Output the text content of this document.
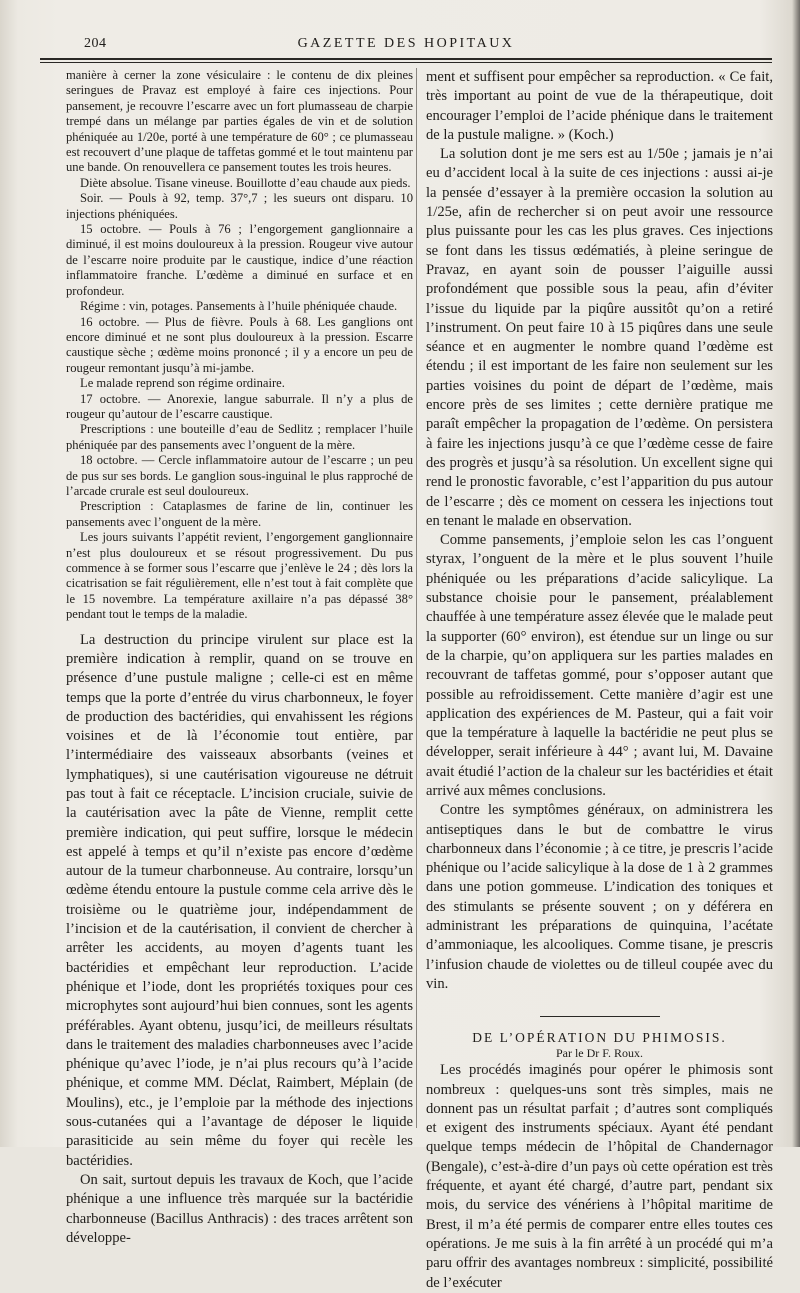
204	GAZETTE DES HOPITAUX

manière à cerner la zone vésiculaire : le contenu de dix pleines seringues de Pravaz est employé à faire ces injections. Pour pansement, je recouvre l’escarre avec un fort plumasseau de charpie trempé dans un mélange par parties égales de vin et de solution phéniquée au 1/20e, porté à une température de 60° ; ce plumasseau est recouvert d’une plaque de taffetas gommé et le tout maintenu par une bande. On renouvellera ce pansement toutes les trois heures.

Diète absolue. Tisane vineuse. Bouillotte d’eau chaude aux pieds.

Soir. — Pouls à 92, temp. 37°,7 ; les sueurs ont disparu. 10 injections phéniquées.

15 octobre. — Pouls à 76 ; l’engorgement ganglionnaire a diminué, il est moins douloureux à la pression. Rougeur vive autour de l’escarre noire produite par le caustique, indice d’une réaction inflammatoire franche. L’œdème a diminué en surface et en profondeur.

Régime : vin, potages. Pansements à l’huile phéniquée chaude.

16 octobre. — Plus de fièvre. Pouls à 68. Les ganglions ont encore diminué et ne sont plus douloureux à la pression. Escarre caustique sèche ; œdème moins prononcé ; il y a encore un peu de rougeur remontant jusqu’à mi-jambe.

Le malade reprend son régime ordinaire.

17 octobre. — Anorexie, langue saburrale. Il n’y a plus de rougeur qu’autour de l’escarre caustique.

Prescriptions : une bouteille d’eau de Sedlitz ; remplacer l’huile phéniquée par des pansements avec l’onguent de la mère.

18 octobre. — Cercle inflammatoire autour de l’escarre ; un peu de pus sur ses bords. Le ganglion sous-inguinal le plus rapproché de l’arcade crurale est seul douloureux.

Prescription : Cataplasmes de farine de lin, continuer les pansements avec l’onguent de la mère.

Les jours suivants l’appétit revient, l’engorgement ganglionnaire n’est plus douloureux et se résout progressivement. Du pus commence à se former sous l’escarre que j’enlève le 24 ; dès lors la cicatrisation se fait régulièrement, elle n’est tout à fait complète que le 15 novembre. La température axillaire n’a pas dépassé 38° pendant tout le temps de la maladie.

La destruction du principe virulent sur place est la première indication à remplir, quand on se trouve en présence d’une pustule maligne ; celle-ci est en même temps que la porte d’entrée du virus charbonneux, le foyer de production des bactéridies, qui envahissent les régions voisines et de là l’économie tout entière, par l’intermédiaire des vaisseaux absorbants (veines et lymphatiques), si une cautérisation vigoureuse ne détruit pas tout à fait ce réceptacle. L’incision cruciale, suivie de la cautérisation avec la pâte de Vienne, remplit cette première indication, qui peut suffire, lorsque le médecin est appelé à temps et qu’il n’existe pas encore d’œdème autour de la tumeur charbonneuse. Au contraire, lorsqu’un œdème étendu entoure la pustule comme cela arrive dès le troisième ou le quatrième jour, indépendamment de l’incision et de la cautérisation, il convient de chercher à arrêter les accidents, au moyen d’agents tuant les bactéridies et empêchant leur reproduction. L’acide phénique et l’iode, dont les propriétés toxiques pour ces microphytes sont aujourd’hui bien connues, sont les agents préférables. Ayant obtenu, jusqu’ici, de meilleurs résultats dans le traitement des maladies charbonneuses avec l’acide phénique qu’avec l’iode, je n’ai plus recours qu’à l’acide phénique, et comme MM. Déclat, Raimbert, Méplain (de Moulins), etc., je l’emploie par la méthode des injections sous-cutanées qui a l’avantage de déposer le liquide parasiticide au sein même du foyer qui recèle les bactéridies.

On sait, surtout depuis les travaux de Koch, que l’acide phénique a une influence très marquée sur la bactéridie charbonneuse (Bacillus Anthracis) : des traces arrêtent son développe-

ment et suffisent pour empêcher sa reproduction. « Ce fait, très important au point de vue de la thérapeutique, doit encourager l’emploi de l’acide phénique dans le traitement de la pustule maligne. » (Koch.)

La solution dont je me sers est au 1/50e ; jamais je n’ai eu d’accident local à la suite de ces injections : aussi ai-je la pensée d’essayer à la première occasion la solution au 1/25e, afin de rechercher si on peut avoir une ressource plus puissante pour les cas les plus graves. Ces injections se font dans les tissus œdématiés, à pleine seringue de Pravaz, en ayant soin de pousser l’aiguille aussi profondément que possible sous la peau, afin d’éviter l’issue du liquide par la piqûre aussitôt qu’on a retiré l’instrument. On peut faire 10 à 15 piqûres dans une seule séance et en augmenter le nombre quand l’œdème est étendu ; il est important de les faire non seulement sur les parties voisines du point de départ de l’œdème, mais encore près de ses limites ; cette dernière pratique me paraît empêcher la propagation de l’œdème. On persistera à faire les injections jusqu’à ce que l’œdème cesse de faire des progrès et jusqu’à sa résolution. Un excellent signe qui rend le pronostic favorable, c’est l’apparition du pus autour de l’escarre ; dès ce moment on cessera les injections tout en tenant le malade en observation.

Comme pansements, j’emploie selon les cas l’onguent styrax, l’onguent de la mère et le plus souvent l’huile phéniquée ou les préparations d’acide salicylique. La substance choisie pour le pansement, préalablement chauffée à une température assez élevée que le malade peut la supporter (60° environ), est étendue sur un linge ou sur de la charpie, qu’on appliquera sur les parties malades en recouvrant de taffetas gommé, pour s’opposer autant que possible au refroidissement. Cette manière d’agir est une application des expériences de M. Pasteur, qui a fait voir que la température à laquelle la bactéridie ne peut plus se développer, serait inférieure à 44° ; avant lui, M. Davaine avait étudié l’action de la chaleur sur les bactéridies et était arrivé aux mêmes conclusions.

Contre les symptômes généraux, on administrera les antiseptiques dans le but de combattre le virus charbonneux dans l’économie ; à ce titre, je prescris l’acide phénique ou l’acide salicylique à la dose de 1 à 2 grammes dans une potion gommeuse. L’indication des toniques et des stimulants se présente souvent ; on y déférera en administrant les préparations de quinquina, l’acétate d’ammoniaque, les alcooliques. Comme tisane, je prescris l’infusion chaude de violettes ou de tilleul coupée avec du vin.

DE L’OPÉRATION DU PHIMOSIS.

Par le Dr F. Roux.

Les procédés imaginés pour opérer le phimosis sont nombreux : quelques-uns sont très simples, mais ne donnent pas un résultat parfait ; d’autres sont compliqués et exigent des instruments spéciaux. Ayant été pendant quelque temps médecin de l’hôpital de Chandernagor (Bengale), c’est-à-dire d’un pays où cette opération est très fréquente, et ayant été chargé, d’autre part, pendant six mois, du service des vénériens à l’hôpital maritime de Brest, il m’a été permis de comparer entre elles toutes ces opérations. Je me suis à la fin arrêté à un procédé qui m’a paru offrir des avantages nombreux : simplicité, possibilité de l’exécuter
